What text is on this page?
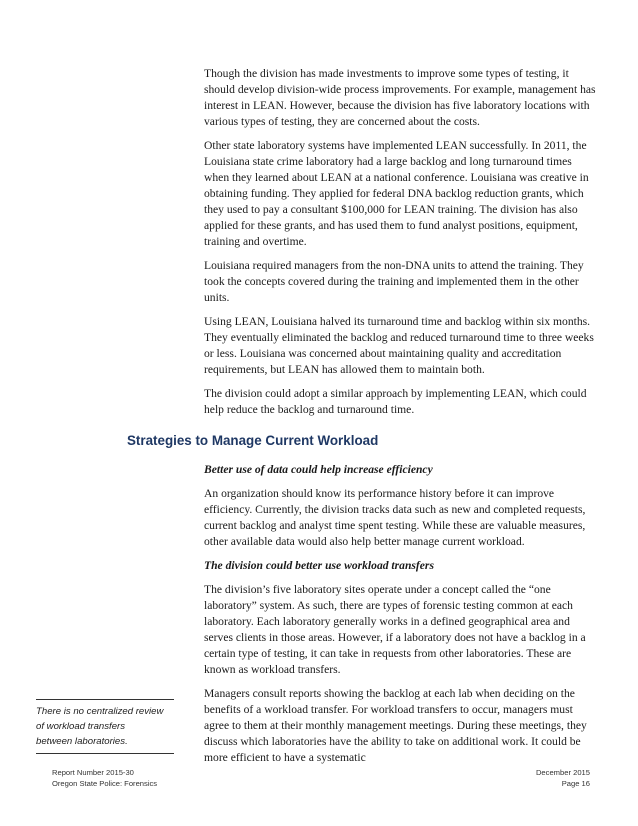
Though the division has made investments to improve some types of testing, it should develop division-wide process improvements. For example, management has interest in LEAN. However, because the division has five laboratory locations with various types of testing, they are concerned about the costs.

Other state laboratory systems have implemented LEAN successfully. In 2011, the Louisiana state crime laboratory had a large backlog and long turnaround times when they learned about LEAN at a national conference. Louisiana was creative in obtaining funding. They applied for federal DNA backlog reduction grants, which they used to pay a consultant $100,000 for LEAN training. The division has also applied for these grants, and has used them to fund analyst positions, equipment, training and overtime.

Louisiana required managers from the non-DNA units to attend the training. They took the concepts covered during the training and implemented them in the other units.

Using LEAN, Louisiana halved its turnaround time and backlog within six months. They eventually eliminated the backlog and reduced turnaround time to three weeks or less. Louisiana was concerned about maintaining quality and accreditation requirements, but LEAN has allowed them to maintain both.

The division could adopt a similar approach by implementing LEAN, which could help reduce the backlog and turnaround time.

Strategies to Manage Current Workload

Better use of data could help increase efficiency

An organization should know its performance history before it can improve efficiency. Currently, the division tracks data such as new and completed requests, current backlog and analyst time spent testing. While these are valuable measures, other available data would also help better manage current workload.

The division could better use workload transfers

The division’s five laboratory sites operate under a concept called the “one laboratory” system. As such, there are types of forensic testing common at each laboratory. Each laboratory generally works in a defined geographical area and serves clients in those areas. However, if a laboratory does not have a backlog in a certain type of testing, it can take in requests from other laboratories. These are known as workload transfers.

Managers consult reports showing the backlog at each lab when deciding on the benefits of a workload transfer. For workload transfers to occur, managers must agree to them at their monthly management meetings. During these meetings, they discuss which laboratories have the ability to take on additional work. It could be more efficient to have a systematic

There is no centralized review
of workload transfers
between laboratories.
Report Number 2015-30
Oregon State Police: Forensics
December 2015
Page 16
